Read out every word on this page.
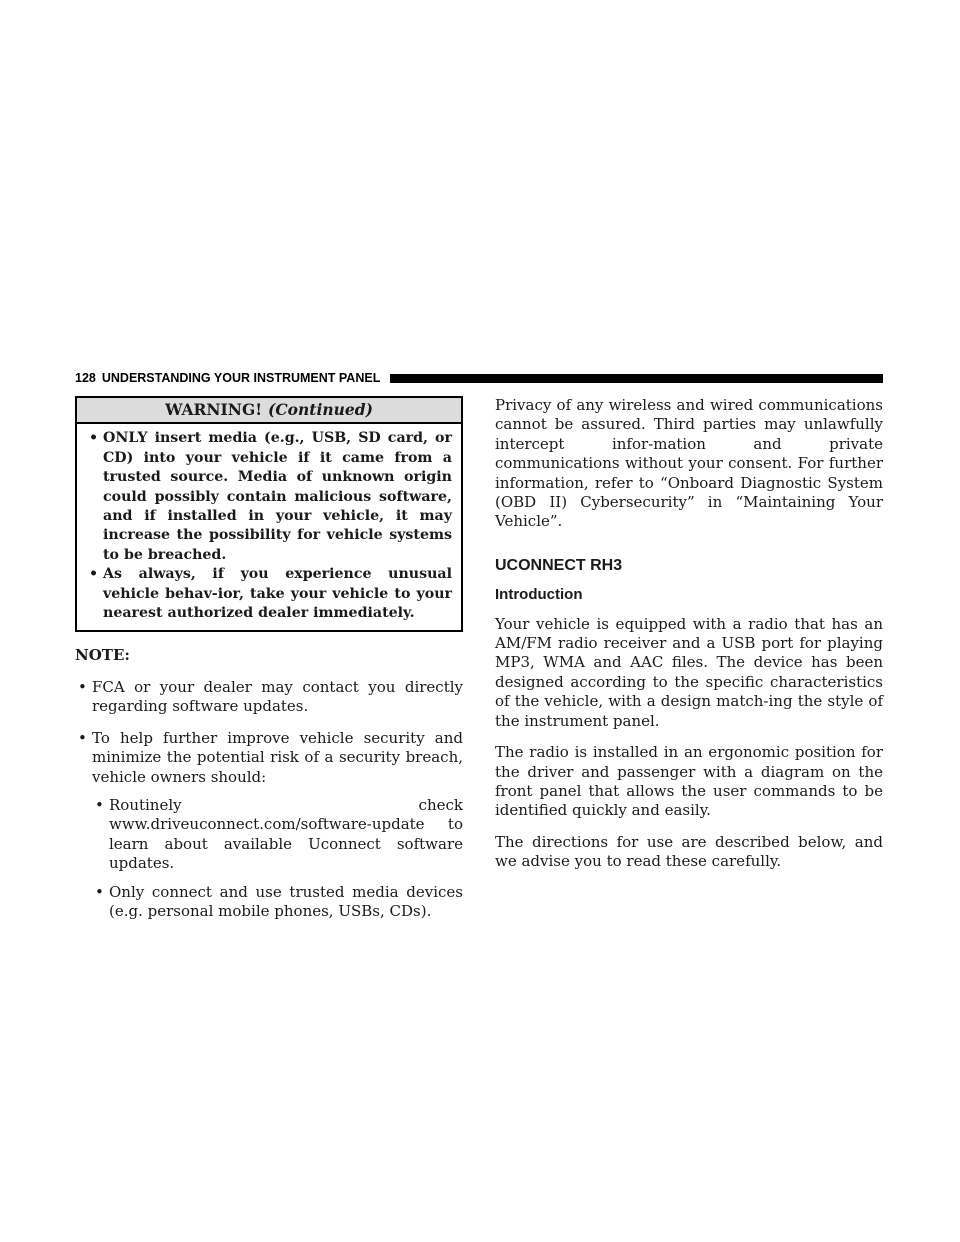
128 UNDERSTANDING YOUR INSTRUMENT PANEL
WARNING! (Continued)
• ONLY insert media (e.g., USB, SD card, or CD) into your vehicle if it came from a trusted source. Media of unknown origin could possibly contain malicious software, and if installed in your vehicle, it may increase the possibility for vehicle systems to be breached.
• As always, if you experience unusual vehicle behav-ior, take your vehicle to your nearest authorized dealer immediately.
NOTE:
• FCA or your dealer may contact you directly regarding software updates.
• To help further improve vehicle security and minimize the potential risk of a security breach, vehicle owners should:
• Routinely check www.driveuconnect.com/software-update to learn about available Uconnect software updates.
• Only connect and use trusted media devices (e.g. personal mobile phones, USBs, CDs).

Privacy of any wireless and wired communications cannot be assured. Third parties may unlawfully intercept infor-mation and private communications without your consent. For further information, refer to “Onboard Diagnostic System (OBD II) Cybersecurity” in “Maintaining Your Vehicle”.

UCONNECT RH3
Introduction

Your vehicle is equipped with a radio that has an AM/FM radio receiver and a USB port for playing MP3, WMA and AAC files. The device has been designed according to the specific characteristics of the vehicle, with a design match-ing the style of the instrument panel.

The radio is installed in an ergonomic position for the driver and passenger with a diagram on the front panel that allows the user commands to be identified quickly and easily.

The directions for use are described below, and we advise you to read these carefully.
